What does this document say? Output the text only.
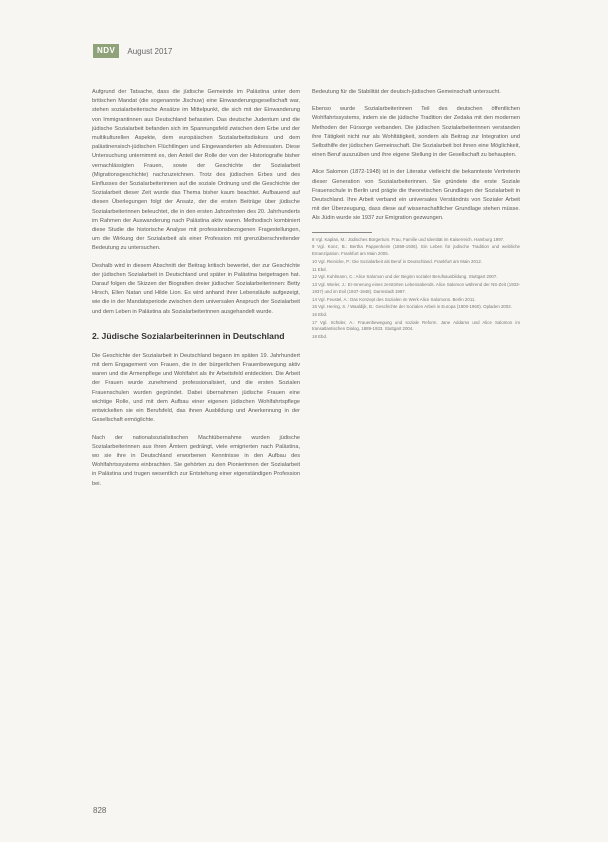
NDV	August 2017

Aufgrund der Tatsache, dass die jüdische Gemeinde im Palästina unter dem britischen Mandat (die sogenannte Jischuw) eine Einwanderungsgesellschaft war, stehen sozialarbeiterische Ansätze im Mittelpunkt, die sich mit der Einwanderung von Immigrantinnen aus Deutschland befassten. Das deutsche Judentum und die jüdische Sozialarbeit befanden sich im Spannungsfeld zwischen dem Erbe und der multikulturellen Aspekte, dem europäischen Sozialarbeitsdiskurs und dem palästinensisch-jüdischen Flüchtlingen und Eingewanderten als Adressaten. Diese Untersuchung unternimmt es, den Anteil der Rolle der von der Historiografie bisher vernachlässigten Frauen, sowie der Geschichte der Sozialarbeit (Migrationsgeschichte) nachzuzeichnen. Trotz des jüdischen Erbes und des Einflusses der Sozialarbeiterinnen auf die soziale Ordnung und die Geschichte der Sozialarbeit dieser Zeit wurde das Thema bisher kaum beachtet. Aufbauend auf diesen Überlegungen folgt der Ansatz, der die ersten Beiträge über jüdische Sozialarbeiterinnen beleuchtet, die in den ersten Jahrzehnten des 20. Jahrhunderts im Rahmen der Auswanderung nach Palästina aktiv waren. Methodisch kombiniert diese Studie die historische Analyse mit professionsbezogenen Fragestellungen, um die Wirkung der Sozialarbeit als einer Profession mit grenzüberschreitender Bedeutung zu untersuchen.

Deshalb wird in diesem Abschnitt der Beitrag kritisch bewertet, der zur Geschichte der jüdischen Sozialarbeit in Deutschland und später in Palästina beigetragen hat. Darauf folgen die Skizzen der Biografien dreier jüdischer Sozialarbeiterinnen: Betty Hirsch, Ellen Natan und Hilde Lion. Es wird anhand ihrer Lebensläufe aufgezeigt, wie die in der Mandatsperiode zwischen dem universalen Anspruch der Sozialarbeit und dem Leben in Palästina als Sozialarbeiterinnen ausgehandelt wurde.

2. Jüdische Sozialarbeiterinnen in Deutschland

Die Geschichte der Sozialarbeit in Deutschland begann im späten 19. Jahrhundert mit dem Engagement von Frauen, die in der bürgerlichen Frauenbewegung aktiv waren und die Armenpflege und Wohlfahrt als ihr Arbeitsfeld entdeckten. Die Arbeit der Frauen wurde zunehmend professionalisiert, und die ersten Sozialen Frauenschulen wurden gegründet. Dabei übernahmen jüdische Frauen eine wichtige Rolle, und mit dem Aufbau einer eigenen jüdischen Wohlfahrtspflege entwickelten sie ein Berufsfeld, das ihnen Ausbildung und Anerkennung in der Gesellschaft ermöglichte.

Nach der nationalsozialistischen Machtübernahme wurden jüdische Sozialarbeiterinnen aus ihren Ämtern gedrängt, viele emigrierten nach Palästina, wo sie ihre in Deutschland erworbenen Kenntnisse in den Aufbau des Wohlfahrtssystems einbrachten. Sie gehörten zu den Pionierinnen der Sozialarbeit in Palästina und trugen wesentlich zur Entstehung einer eigenständigen Profession bei.

Bedeutung für die Stabilität der deutsch-jüdischen Gemeinschaft untersucht.

Ebenso wurde Sozialarbeiterinnen Teil des deutschen öffentlichen Wohlfahrtssystems, indem sie die jüdische Tradition der Zedaka mit den modernen Methoden der Fürsorge verbanden. Die jüdischen Sozialarbeiterinnen verstanden ihre Tätigkeit nicht nur als Wohltätigkeit, sondern als Beitrag zur Integration und Selbsthilfe der jüdischen Gemeinschaft. Die Sozialarbeit bot ihnen eine Möglichkeit, einen Beruf auszuüben und ihre eigene Stellung in der Gesellschaft zu behaupten.

Alice Salomon (1872-1948) ist in der Literatur vielleicht die bekannteste Vertreterin dieser Generation von Sozialarbeiterinnen. Sie gründete die erste Soziale Frauenschule in Berlin und prägte die theoretischen Grundlagen der Sozialarbeit in Deutschland. Ihre Arbeit verband ein universales Verständnis von Sozialer Arbeit mit der Überzeugung, dass diese auf wissenschaftlicher Grundlage stehen müsse. Als Jüdin wurde sie 1937 zur Emigration gezwungen.

8 Vgl. Kaplan, M.: Jüdisches Bürgertum. Frau, Familie und Identität im Kaiserreich. Hamburg 1997.
9 Vgl. Konz, B.: Bertha Pappenheim (1859-1936). Ein Leben für jüdische Tradition und weibliche Emanzipation. Frankfurt am Main 2005.
10 Vgl. Reinicke, P.: Die Sozialarbeit als Beruf in Deutschland. Frankfurt am Main 2012.
11 Ebd.
12 Vgl. Kuhlmann, C.: Alice Salomon und der Beginn sozialer Berufsausbildung. Stuttgart 2007.
13 Vgl. Wieler, J.: Er-Innerung eines zerstörten Lebensabends. Alice Salomon während der NS-Zeit (1933-1937) und im Exil (1937-1948). Darmstadt 1987.
14 Vgl. Feustel, A.: Das Konzept des Sozialen im Werk Alice Salomons. Berlin 2011.
15 Vgl. Hering, S. / Waaldijk, B.: Geschichte der Sozialen Arbeit in Europa (1900-1960). Opladen 2002.
16 Ebd.
17 Vgl. Schüler, A.: Frauenbewegung und soziale Reform. Jane Addams und Alice Salomon im transatlantischen Dialog, 1889-1933. Stuttgart 2004.
18 Ebd.
828
